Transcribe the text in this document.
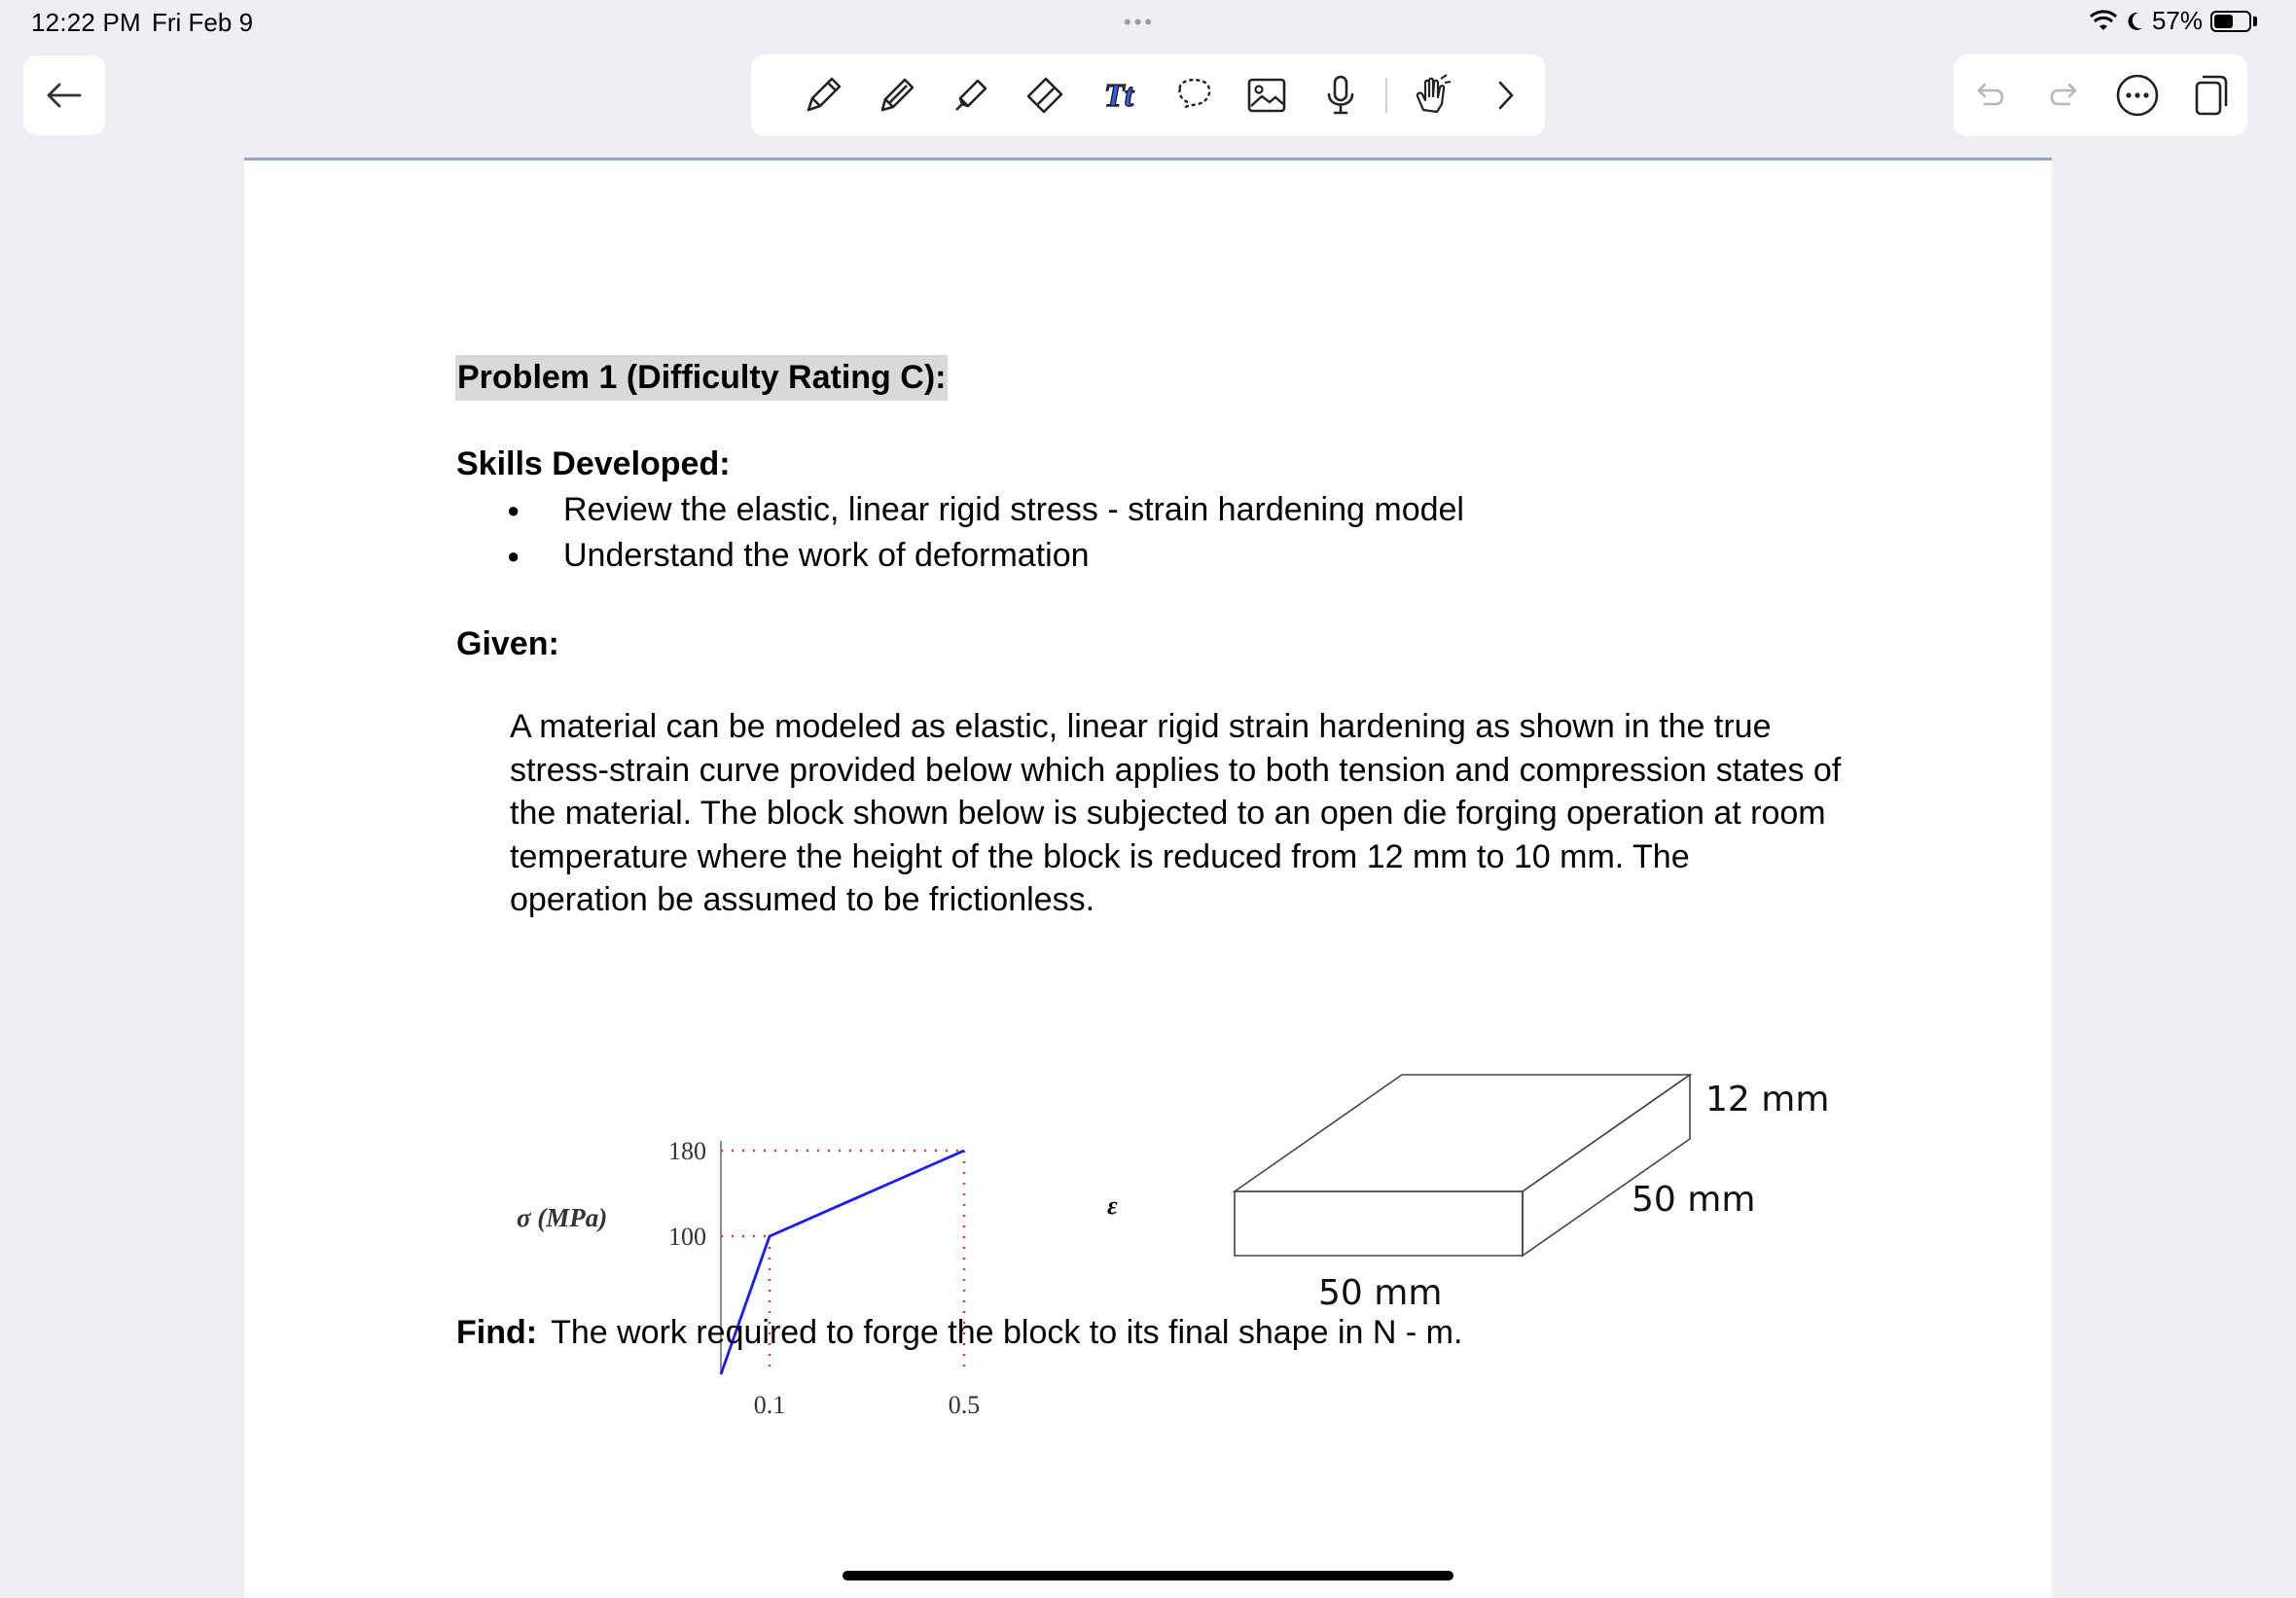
12:22 PM Fri Feb 9	•••	57%
Tt
Problem 1 (Difficulty Rating C):
Skills Developed:
● Review the elastic, linear rigid stress - strain hardening model
● Understand the work of deformation
Given:
A material can be modeled as elastic, linear rigid strain hardening as shown in the true
stress-strain curve provided below which applies to both tension and compression states of
the material. The block shown below is subjected to an open die forging operation at room
temperature where the height of the block is reduced from 12 mm to 10 mm. The
operation be assumed to be frictionless.
σ (MPa)
100
180
0.1	0.5
ε
12 mm
50 mm
50 mm
Find: The work required to forge the block to its final shape in N - m.
